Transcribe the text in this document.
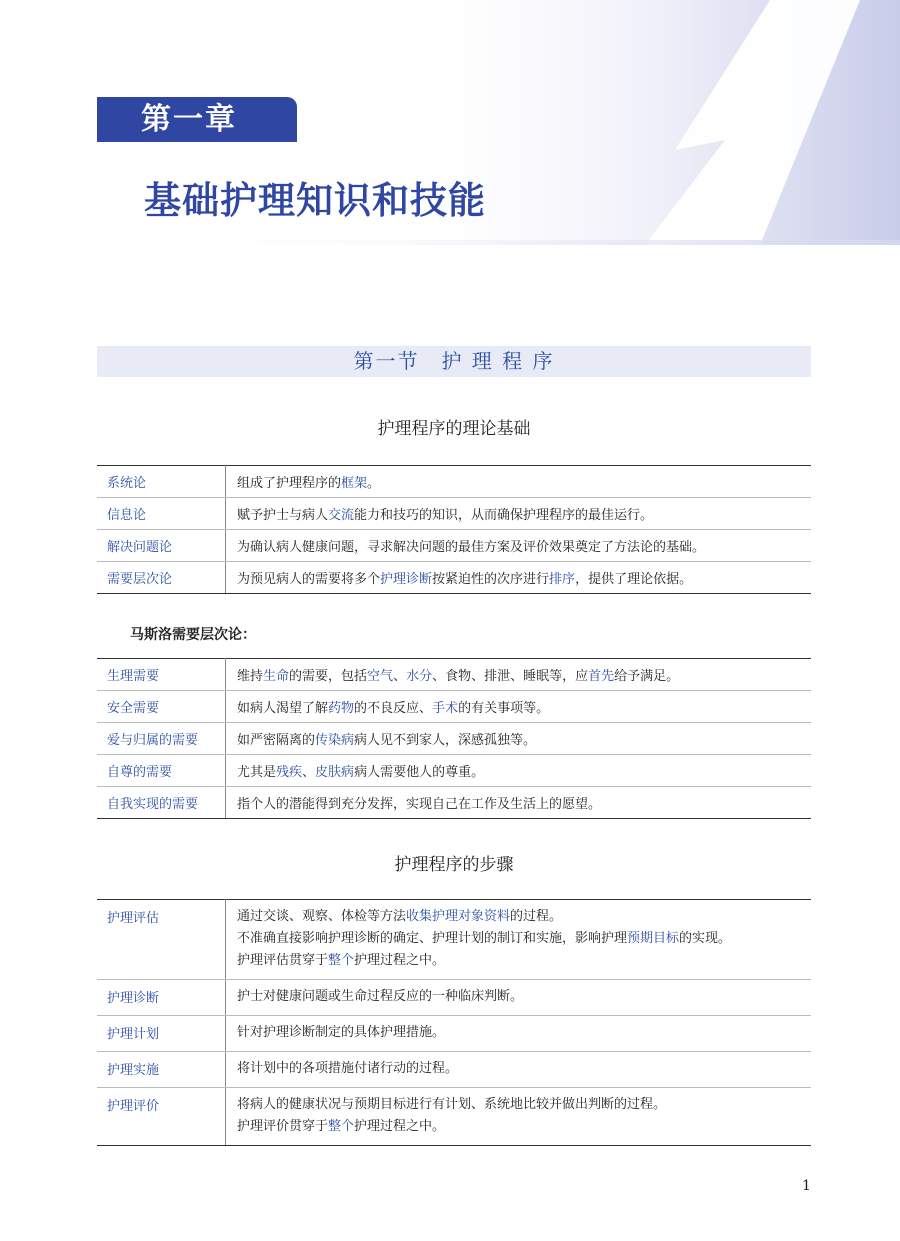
第一章
基础护理知识和技能
第一节　护 理 程 序
护理程序的理论基础
系统论	组成了护理程序的框架。
信息论	赋予护士与病人交流能力和技巧的知识，从而确保护理程序的最佳运行。
解决问题论	为确认病人健康问题，寻求解决问题的最佳方案及评价效果奠定了方法论的基础。
需要层次论	为预见病人的需要将多个护理诊断按紧迫性的次序进行排序，提供了理论依据。
马斯洛需要层次论：
生理需要	维持生命的需要，包括空气、水分、食物、排泄、睡眠等，应首先给予满足。
安全需要	如病人渴望了解药物的不良反应、手术的有关事项等。
爱与归属的需要	如严密隔离的传染病病人见不到家人，深感孤独等。
自尊的需要	尤其是残疾、皮肤病病人需要他人的尊重。
自我实现的需要	指个人的潜能得到充分发挥，实现自己在工作及生活上的愿望。
护理程序的步骤
护理评估	通过交谈、观察、体检等方法收集护理对象资料的过程。
不准确直接影响护理诊断的确定、护理计划的制订和实施，影响护理预期目标的实现。
护理评估贯穿于整个护理过程之中。

护理诊断	护士对健康问题或生命过程反应的一种临床判断。

护理计划	针对护理诊断制定的具体护理措施。

护理实施	将计划中的各项措施付诸行动的过程。

护理评价	将病人的健康状况与预期目标进行有计划、系统地比较并做出判断的过程。
护理评价贯穿于整个护理过程之中。
1
